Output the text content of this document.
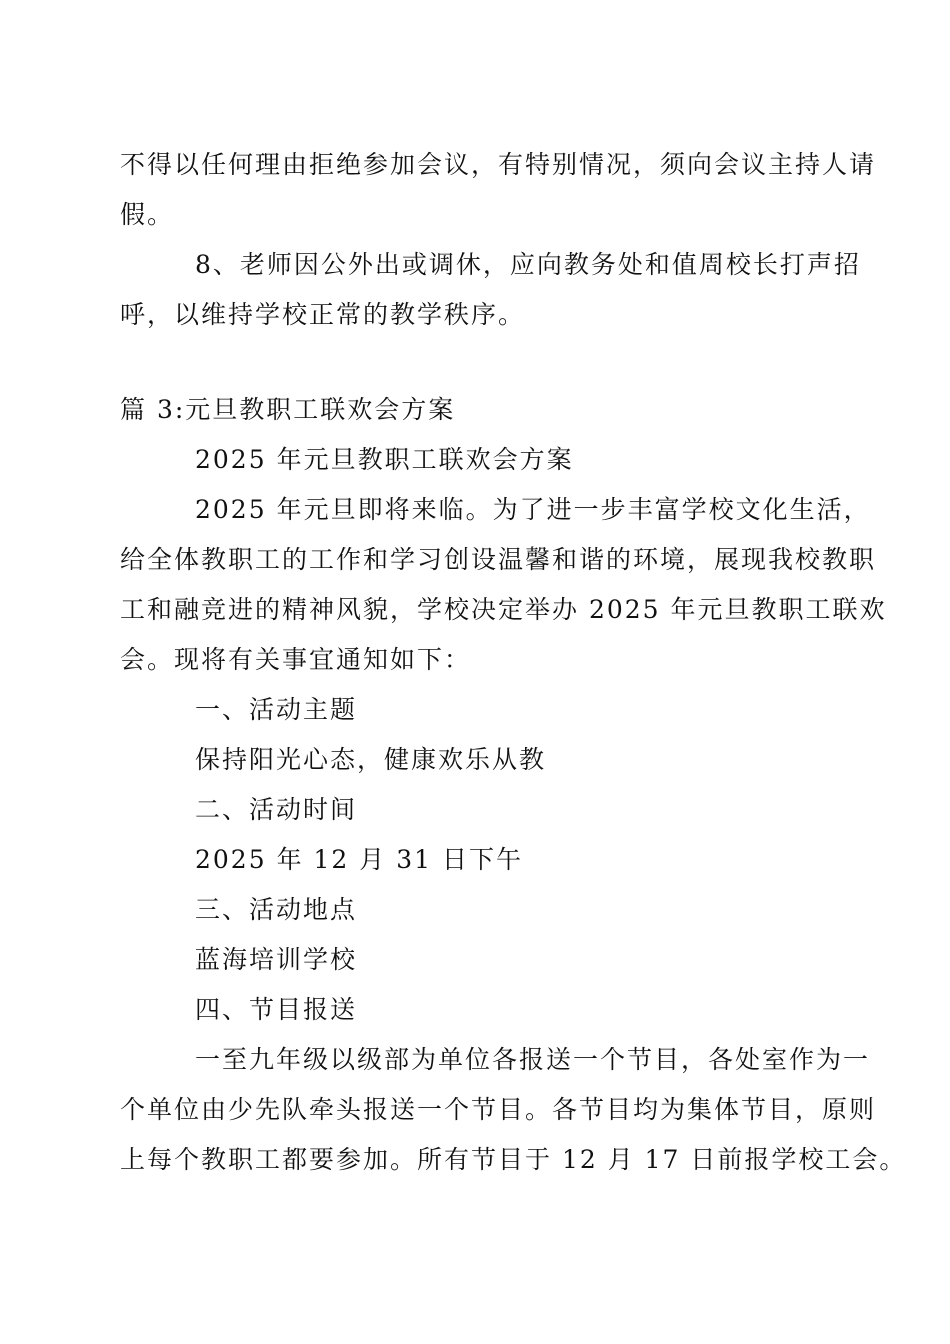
不得以任何理由拒绝参加会议，有特别情况，须向会议主持人请
假。
8、老师因公外出或调休，应向教务处和值周校长打声招
呼，以维持学校正常的教学秩序。
篇 3:元旦教职工联欢会方案
2025 年元旦教职工联欢会方案
2025 年元旦即将来临。为了进一步丰富学校文化生活，
给全体教职工的工作和学习创设温馨和谐的环境，展现我校教职
工和融竞进的精神风貌，学校决定举办 2025 年元旦教职工联欢
会。现将有关事宜通知如下：
一、活动主题
保持阳光心态，健康欢乐从教
二、活动时间
2025 年 12 月 31 日下午
三、活动地点
蓝海培训学校
四、节目报送
一至九年级以级部为单位各报送一个节目，各处室作为一
个单位由少先队牵头报送一个节目。各节目均为集体节目，原则
上每个教职工都要参加。所有节目于 12 月 17 日前报学校工会。
